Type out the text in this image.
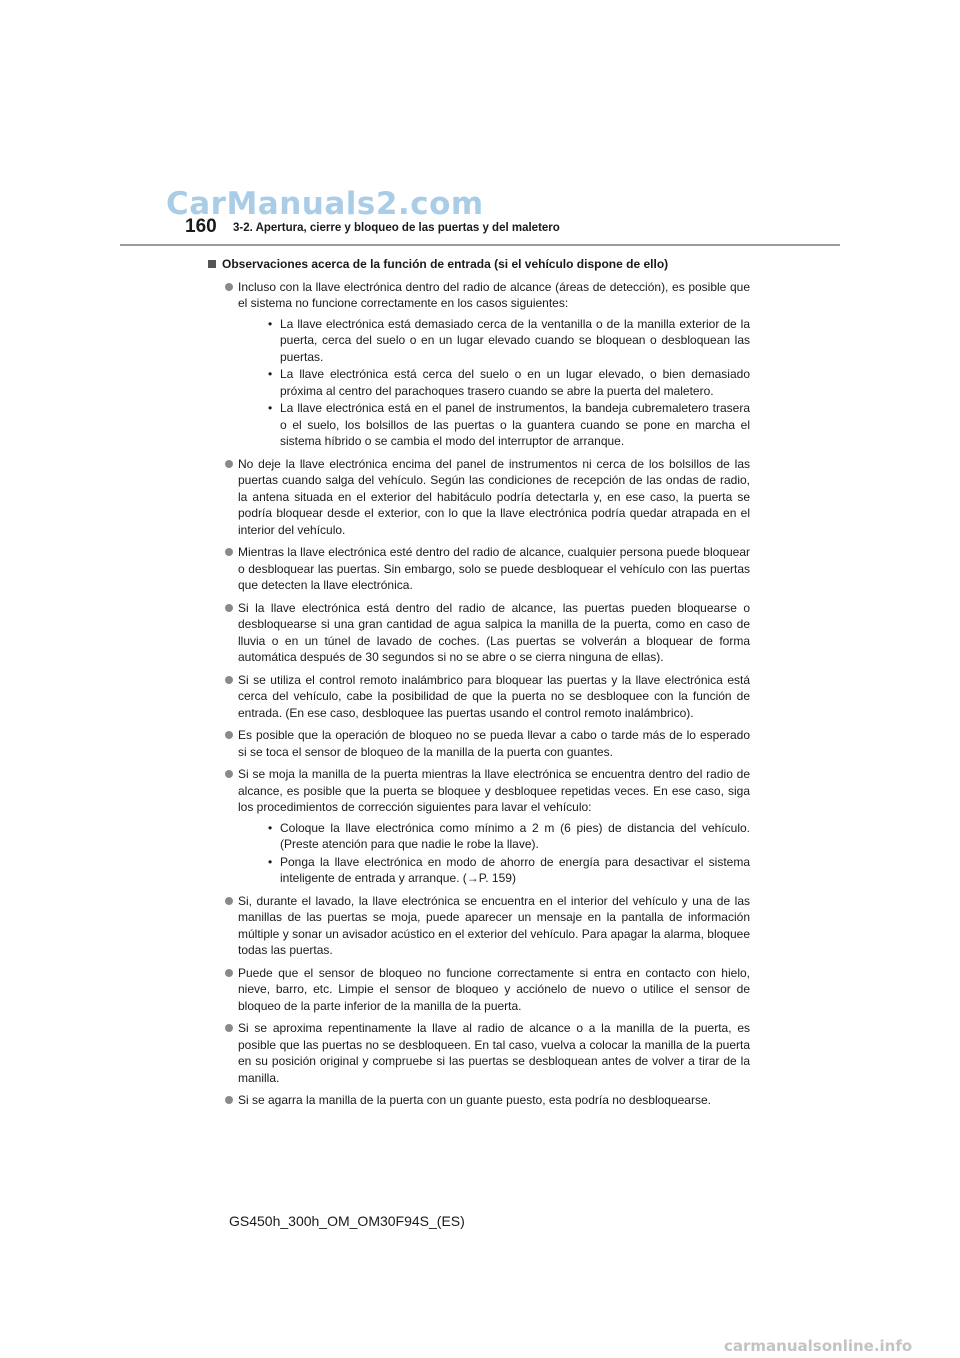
CarManuals2.com
160 3-2. Apertura, cierre y bloqueo de las puertas y del maletero
Observaciones acerca de la función de entrada (si el vehículo dispone de ello)
Incluso con la llave electrónica dentro del radio de alcance (áreas de detección), es posible que el sistema no funcione correctamente en los casos siguientes:
• La llave electrónica está demasiado cerca de la ventanilla o de la manilla exterior de la puerta, cerca del suelo o en un lugar elevado cuando se bloquean o desbloquean las puertas.
• La llave electrónica está cerca del suelo o en un lugar elevado, o bien demasiado próxima al centro del parachoques trasero cuando se abre la puerta del maletero.
• La llave electrónica está en el panel de instrumentos, la bandeja cubremaletero trasera o el suelo, los bolsillos de las puertas o la guantera cuando se pone en marcha el sistema híbrido o se cambia el modo del interruptor de arranque.
No deje la llave electrónica encima del panel de instrumentos ni cerca de los bolsillos de las puertas cuando salga del vehículo. Según las condiciones de recepción de las ondas de radio, la antena situada en el exterior del habitáculo podría detectarla y, en ese caso, la puerta se podría bloquear desde el exterior, con lo que la llave electrónica podría quedar atrapada en el interior del vehículo.
Mientras la llave electrónica esté dentro del radio de alcance, cualquier persona puede bloquear o desbloquear las puertas. Sin embargo, solo se puede desbloquear el vehículo con las puertas que detecten la llave electrónica.
Si la llave electrónica está dentro del radio de alcance, las puertas pueden bloquearse o desbloquearse si una gran cantidad de agua salpica la manilla de la puerta, como en caso de lluvia o en un túnel de lavado de coches. (Las puertas se volverán a bloquear de forma automática después de 30 segundos si no se abre o se cierra ninguna de ellas).
Si se utiliza el control remoto inalámbrico para bloquear las puertas y la llave electrónica está cerca del vehículo, cabe la posibilidad de que la puerta no se desbloquee con la función de entrada. (En ese caso, desbloquee las puertas usando el control remoto inalámbrico).
Es posible que la operación de bloqueo no se pueda llevar a cabo o tarde más de lo esperado si se toca el sensor de bloqueo de la manilla de la puerta con guantes.
Si se moja la manilla de la puerta mientras la llave electrónica se encuentra dentro del radio de alcance, es posible que la puerta se bloquee y desbloquee repetidas veces. En ese caso, siga los procedimientos de corrección siguientes para lavar el vehículo:
• Coloque la llave electrónica como mínimo a 2 m (6 pies) de distancia del vehículo. (Preste atención para que nadie le robe la llave).
• Ponga la llave electrónica en modo de ahorro de energía para desactivar el sistema inteligente de entrada y arranque. (→P. 159)
Si, durante el lavado, la llave electrónica se encuentra en el interior del vehículo y una de las manillas de las puertas se moja, puede aparecer un mensaje en la pantalla de información múltiple y sonar un avisador acústico en el exterior del vehículo. Para apagar la alarma, bloquee todas las puertas.
Puede que el sensor de bloqueo no funcione correctamente si entra en contacto con hielo, nieve, barro, etc. Limpie el sensor de bloqueo y acciónelo de nuevo o utilice el sensor de bloqueo de la parte inferior de la manilla de la puerta.
Si se aproxima repentinamente la llave al radio de alcance o a la manilla de la puerta, es posible que las puertas no se desbloqueen. En tal caso, vuelva a colocar la manilla de la puerta en su posición original y compruebe si las puertas se desbloquean antes de volver a tirar de la manilla.
Si se agarra la manilla de la puerta con un guante puesto, esta podría no desbloquearse.
GS450h_300h_OM_OM30F94S_(ES)
carmanualsonline.info
